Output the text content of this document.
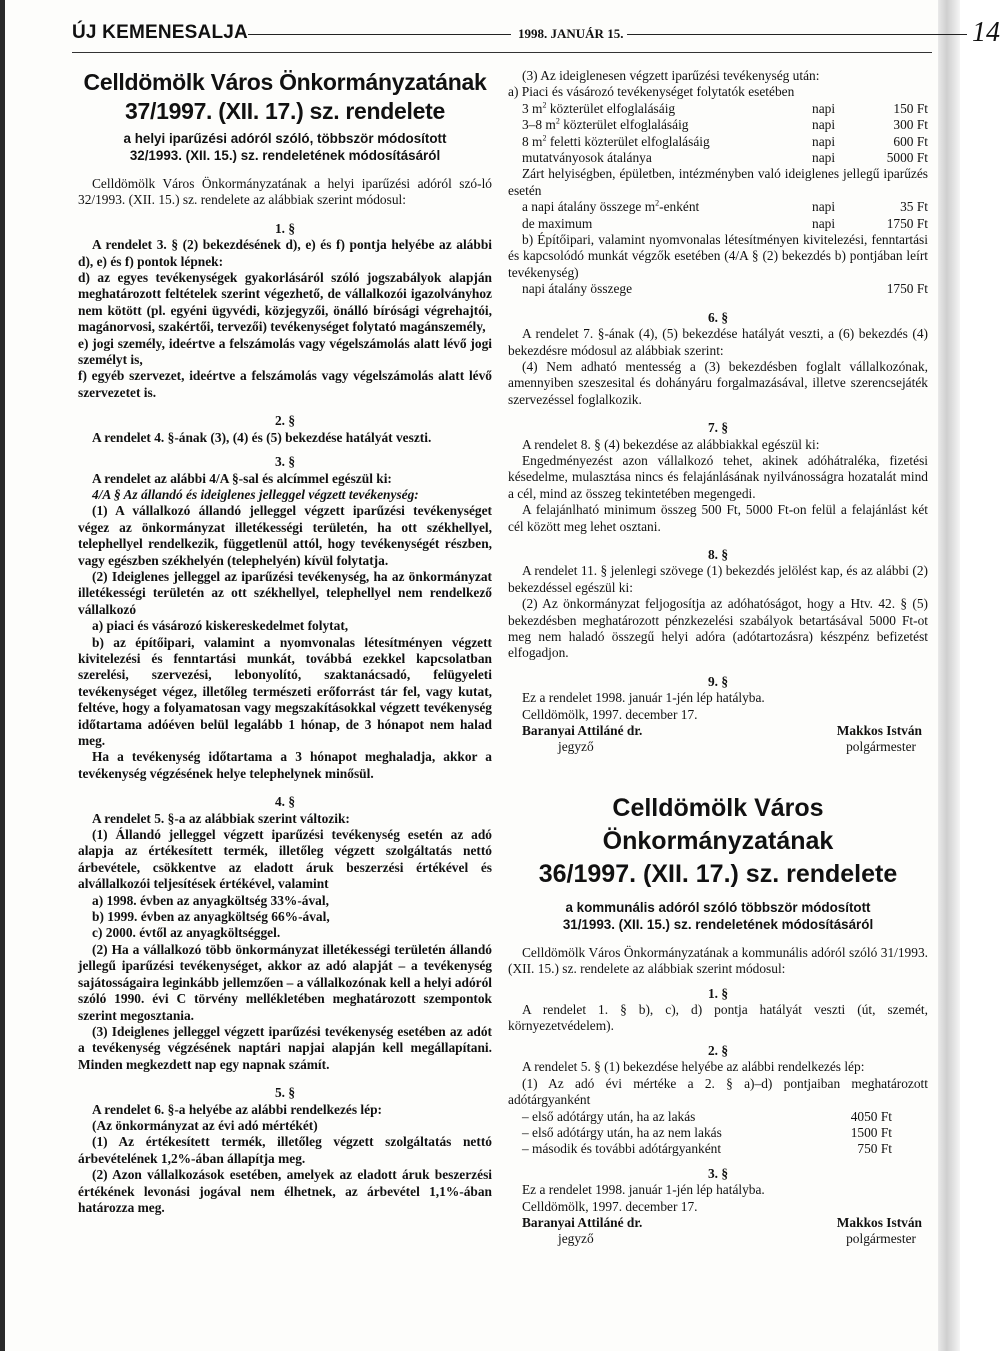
ÚJ KEMENESALJA	1998. JANUÁR 15.	14
Celldömölk Város Önkormányzatának
37/1997. (XII. 17.) sz. rendelete
a helyi iparűzési adóról szóló, többször módosított
32/1993. (XII. 15.) sz. rendeletének módosításáról

Celldömölk Város Önkormányzatának a helyi iparűzési adóról szó-ló 32/1993. (XII. 15.) sz. rendelete az alábbiak szerint módosul:

1. §

A rendelet 3. § (2) bekezdésének d), e) és f) pontja helyébe az alábbi d), e) és f) pontok lépnek:

d) az egyes tevékenységek gyakorlásáról szóló jogszabályok alapján meghatározott feltételek szerint végezhető, de vállalkozói igazolványhoz nem kötött (pl. egyéni ügyvédi, közjegyzői, önálló bírósági végrehajtói, magánorvosi, szakértői, tervezői) tevékenységet folytató magánszemély,

e) jogi személy, ideértve a felszámolás vagy végelszámolás alatt lévő jogi személyt is,

f) egyéb szervezet, ideértve a felszámolás vagy végelszámolás alatt lévő szervezetet is.

2. §

A rendelet 4. §-ának (3), (4) és (5) bekezdése hatályát veszti.

3. §

A rendelet az alábbi 4/A §-sal és alcímmel egészül ki:

4/A § Az állandó és ideiglenes jelleggel végzett tevékenység:

(1) A vállalkozó állandó jelleggel végzett iparűzési tevékenységet végez az önkormányzat illetékességi területén, ha ott székhellyel, telephellyel rendelkezik, függetlenül attól, hogy tevékenységét részben, vagy egészben székhelyén (telephelyén) kívül folytatja.

(2) Ideiglenes jelleggel az iparűzési tevékenység, ha az önkormányzat illetékességi területén az ott székhellyel, telephellyel nem rendelkező vállalkozó

a) piaci és vásározó kiskereskedelmet folytat,

b) az építőipari, valamint a nyomvonalas létesítményen végzett kivitelezési és fenntartási munkát, továbbá ezekkel kapcsolatban szerelési, szervezési, lebonyolító, szaktanácsadó, felügyeleti tevékenységet végez, illetőleg természeti erőforrást tár fel, vagy kutat, feltéve, hogy a folyamatosan vagy megszakításokkal végzett tevékenység időtartama adóéven belül legalább 1 hónap, de 3 hónapot nem halad meg.

Ha a tevékenység időtartama a 3 hónapot meghaladja, akkor a tevékenység végzésének helye telephelynek minősül.

4. §

A rendelet 5. §-a az alábbiak szerint változik:

(1) Állandó jelleggel végzett iparűzési tevékenység esetén az adó alapja az értékesített termék, illetőleg végzett szolgáltatás nettó árbevétele, csökkentve az eladott áruk beszerzési értékével és alvállalkozói teljesítések értékével, valamint

a) 1998. évben az anyagköltség 33%-ával,

b) 1999. évben az anyagköltség 66%-ával,

c) 2000. évtől az anyagköltséggel.

(2) Ha a vállalkozó több önkormányzat illetékességi területén állandó jellegű iparűzési tevékenységet, akkor az adó alapját – a tevékenység sajátosságaira leginkább jellemzően – a vállalkozónak kell a helyi adóról szóló 1990. évi C törvény mellékletében meghatározott szempontok szerint megosztania.

(3) Ideiglenes jelleggel végzett iparűzési tevékenység esetében az adót a tevékenység végzésének naptári napjai alapján kell megállapítani. Minden megkezdett nap egy napnak számít.

5. §

A rendelet 6. §-a helyébe az alábbi rendelkezés lép:

(Az önkormányzat az évi adó mértékét)

(1) Az értékesített termék, illetőleg végzett szolgáltatás nettó árbevételének 1,2%-ában állapítja meg.

(2) Azon vállalkozások esetében, amelyek az eladott áruk beszerzési értékének levonási jogával nem élhetnek, az árbevétel 1,1%-ában határozza meg.

(3) Az ideiglenesen végzett iparűzési tevékenység után:

a) Piaci és vásározó tevékenységet folytatók esetében

3 $m^2$ közterület elfoglalásáig	napi	150 Ft
3–8 $m^2$ közterület elfoglalásáig	napi	300 Ft
8 $m^2$ feletti közterület elfoglalásáig	napi	600 Ft
mutatványosok átalánya	napi	5000 Ft

Zárt helyiségben, épületben, intézményben való ideiglenes jellegű iparűzés esetén

a napi átalány összege $m^2$-enként	napi	35 Ft
de maximum	napi	1750 Ft

b) Építőipari, valamint nyomvonalas létesítményen kivitelezési, fenntartási és kapcsolódó munkát végzők esetében (4/A § (2) bekezdés b) pontjában leírt tevékenység)

napi átalány összege	1750 Ft
6. §

A rendelet 7. §-ának (4), (5) bekezdése hatályát veszti, a (6) bekezdés (4) bekezdésre módosul az alábbiak szerint:

(4) Nem adható mentesség a (3) bekezdésben foglalt vállalkozónak, amennyiben szeszesital és dohányáru forgalmazásával, illetve szerencsejáték szervezéssel foglalkozik.

7. §

A rendelet 8. § (4) bekezdése az alábbiakkal egészül ki:

Engedményezést azon vállalkozó tehet, akinek adóhátraléka, fizetési késedelme, mulasztása nincs és felajánlásának nyilvánosságra hozatalát mind a cél, mind az összeg tekintetében megengedi.

A felajánlható minimum összeg 500 Ft, 5000 Ft-on felül a felajánlást két cél között meg lehet osztani.

8. §

A rendelet 11. § jelenlegi szövege (1) bekezdés jelölést kap, és az alábbi (2) bekezdéssel egészül ki:

(2) Az önkormányzat feljogosítja az adóhatóságot, hogy a Htv. 42. § (5) bekezdésben meghatározott pénzkezelési szabályok betartásával 5000 Ft-ot meg nem haladó összegű helyi adóra (adótartozásra) készpénz befizetést elfogadjon.

9. §

Ez a rendelet 1998. január 1-jén lép hatályba.

Celldömölk, 1997. december 17.

Baranyai Attiláné dr.	Makkos István
jegyző	polgármester
Celldömölk Város Önkormányzatának
36/1997. (XII. 17.) sz. rendelete
a kommunális adóról szóló többször módosított
31/1993. (XII. 15.) sz. rendeletének módosításáról

Celldömölk Város Önkormányzatának a kommunális adóról szóló 31/1993. (XII. 15.) sz. rendelete az alábbiak szerint módosul:

1. §

A rendelet 1. § b), c), d) pontja hatályát veszti (út, szemét, környezetvédelem).

2. §

A rendelet 5. § (1) bekezdése helyébe az alábbi rendelkezés lép:

(1) Az adó évi mértéke a 2. § a)–d) pontjaiban meghatározott adótárgyanként

– első adótárgy után, ha az lakás	4050 Ft
– első adótárgy után, ha az nem lakás	1500 Ft
– második és további adótárgyanként	750 Ft
3. §

Ez a rendelet 1998. január 1-jén lép hatályba.

Celldömölk, 1997. december 17.

Baranyai Attiláné dr.	Makkos István
jegyző	polgármester
